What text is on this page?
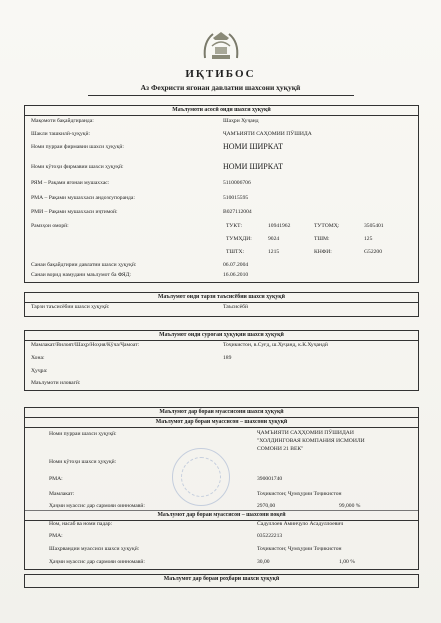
ИҚТИБОС
Аз Феҳристи ягонаи давлатии шахсони ҳуқуқӣ
Маълумоти асосӣ оиди шахси ҳуқуқӣ
Мақомоти бақайдгиранда:	Шаҳри Хуҷанд
Шакли ташкилӣ-ҳуқуқӣ:	ҶАМЪИЯТИ САҲОМИИ ПӮШИДА
Номи пурраи фирмавии шахси ҳуқуқӣ:	НОМИ ШИРКАТ
Номи кӯтоҳи фирмавии шахси ҳуқуқӣ:	НОМИ ШИРКАТ
РЯМ – Рақами ягонаи мушаххас:	5110006706
РМА – Рақами мушаххаси андозсупоранда:	510015595
РМИ – Рақами мушаххаси иҷтимоӣ:	В027112004
Рамзҳои оморӣ:	ТУКТ:	10941962	ТУТОМҲ:	3505401
ТУМҲДИ:	9024	ТШМ:	125
ТШТХ:	1215	КНФИ:	G52200
Санаи бақайдгирии давлатии шахси ҳуқуқӣ:	06.07.2004
Санаи ворид намудани маълумот ба ФЯД:	16.06.2010
Маълумот оиди тарзи таъсисёбии шахси ҳуқуқӣ
Тарзи таъсисёбии шахси ҳуқуқӣ:	Таъсисёбӣ
Маълумот оиди суроғаи ҳуқуқии шахси ҳуқуқӣ
Мамлакат/Вилоят/Шаҳр/Ноҳия/Кӯча/Ҷамоат:	Тоҷикистон, в.Суғд, ш.Хуҷанд, к.К.Хуҷандӣ
Хона:	189
Ҳуҷра:
Маълумоти иловагӣ:
Маълумот дар бораи муассисони шахси ҳуқуқӣ
Маълумот дар бораи муассисон – шахсони ҳуқуқӣ
Номи пурраи шахси ҳуқуқӣ:	ҶАМЪИЯТИ САҲҲОМИИ ПӮШИДАИ
"ХОЛДИНГОВАЯ КОМПАНИЯ ИСМОИЛИ
СОМОНИ 21 ВЕК"
Номи кӯтоҳи шахси ҳуқуқӣ:
РМА:	390001740
Мамлакат:	Тоҷикистон; Ҷумҳурии Тоҷикистон
Ҳаҷми муассис дар сармояи оинномавӣ:	2970,00	99,000 %
Маълумот дар бораи муассисон – шахсони воқеӣ
Ном, насаб ва номи падар:	Садуллоев Аминҷуло Асадуллоевич
РМА:	035222213
Шаҳрвандии муассиси шахси ҳуқуқӣ:	Тоҷикистон; Ҷумҳурии Тоҷикистон
Ҳаҷми муассис дар сармояи оинномавӣ:	30,00	1,00 %
Маълумот дар бораи роҳбари шахси ҳуқуқӣ
